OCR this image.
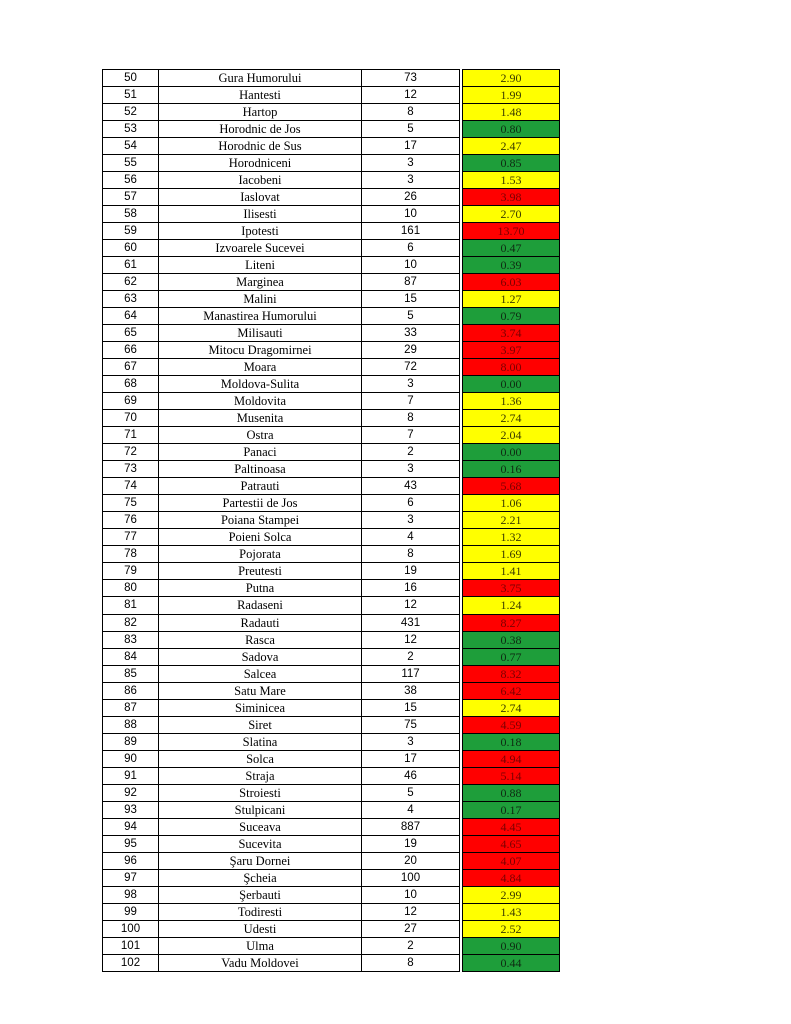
50	Gura Humorului	73		2.90
51	Hantesti	12		1.99
52	Hartop	8		1.48
53	Horodnic de Jos	5		0.80
54	Horodnic de Sus	17		2.47
55	Horodniceni	3		0.85
56	Iacobeni	3		1.53
57	Iaslovat	26		3.98
58	Ilisesti	10		2.70
59	Ipotesti	161		13.70
60	Izvoarele Sucevei	6		0.47
61	Liteni	10		0.39
62	Marginea	87		6.03
63	Malini	15		1.27
64	Manastirea Humorului	5		0.79
65	Milisauti	33		3.74
66	Mitocu Dragomirnei	29		3.97
67	Moara	72		8.00
68	Moldova-Sulita	3		0.00
69	Moldovita	7		1.36
70	Musenita	8		2.74
71	Ostra	7		2.04
72	Panaci	2		0.00
73	Paltinoasa	3		0.16
74	Patrauti	43		5.68
75	Partestii de Jos	6		1.06
76	Poiana Stampei	3		2.21
77	Poieni Solca	4		1.32
78	Pojorata	8		1.69
79	Preutesti	19		1.41
80	Putna	16		3.75
81	Radaseni	12		1.24
82	Radauti	431		8.27
83	Rasca	12		0.38
84	Sadova	2		0.77
85	Salcea	117		8.32
86	Satu Mare	38		6.42
87	Siminicea	15		2.74
88	Siret	75		4.59
89	Slatina	3		0.18
90	Solca	17		4.94
91	Straja	46		5.14
92	Stroiesti	5		0.88
93	Stulpicani	4		0.17
94	Suceava	887		4.45
95	Sucevita	19		4.65
96	Şaru Dornei	20		4.07
97	Şcheia	100		4.84
98	Şerbauti	10		2.99
99	Todiresti	12		1.43
100	Udesti	27		2.52
101	Ulma	2		0.90
102	Vadu Moldovei	8		0.44
